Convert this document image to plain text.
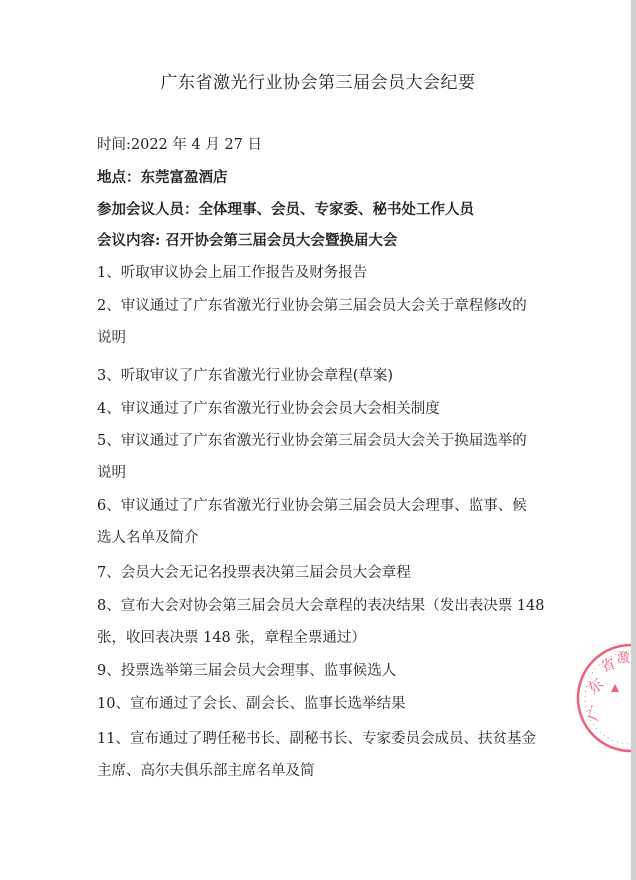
广东省激光行业协会第三届会员大会纪要
时间:2022 年 4 月 27 日
地点：东莞富盈酒店
参加会议人员：全体理事、会员、专家委、秘书处工作人员
会议内容: 召开协会第三届会员大会暨换届大会
1、听取审议协会上届工作报告及财务报告
2、审议通过了广东省激光行业协会第三届会员大会关于章程修改的
说明
3、听取审议了广东省激光行业协会章程(草案)
4、审议通过了广东省激光行业协会会员大会相关制度
5、审议通过了广东省激光行业协会第三届会员大会关于换届选举的
说明
6、审议通过了广东省激光行业协会第三届会员大会理事、监事、候
选人名单及简介
7、会员大会无记名投票表决第三届会员大会章程
8、宣布大会对协会第三届会员大会章程的表决结果（发出表决票 148
张，收回表决票 148 张，章程全票通过）
9、投票选举第三届会员大会理事、监事候选人
10、宣布通过了会长、副会长、监事长选举结果
11、宣布通过了聘任秘书长、副秘书长、专家委员会成员、扶贫基金
主席、高尔夫俱乐部主席名单及简
广
东
省 激
